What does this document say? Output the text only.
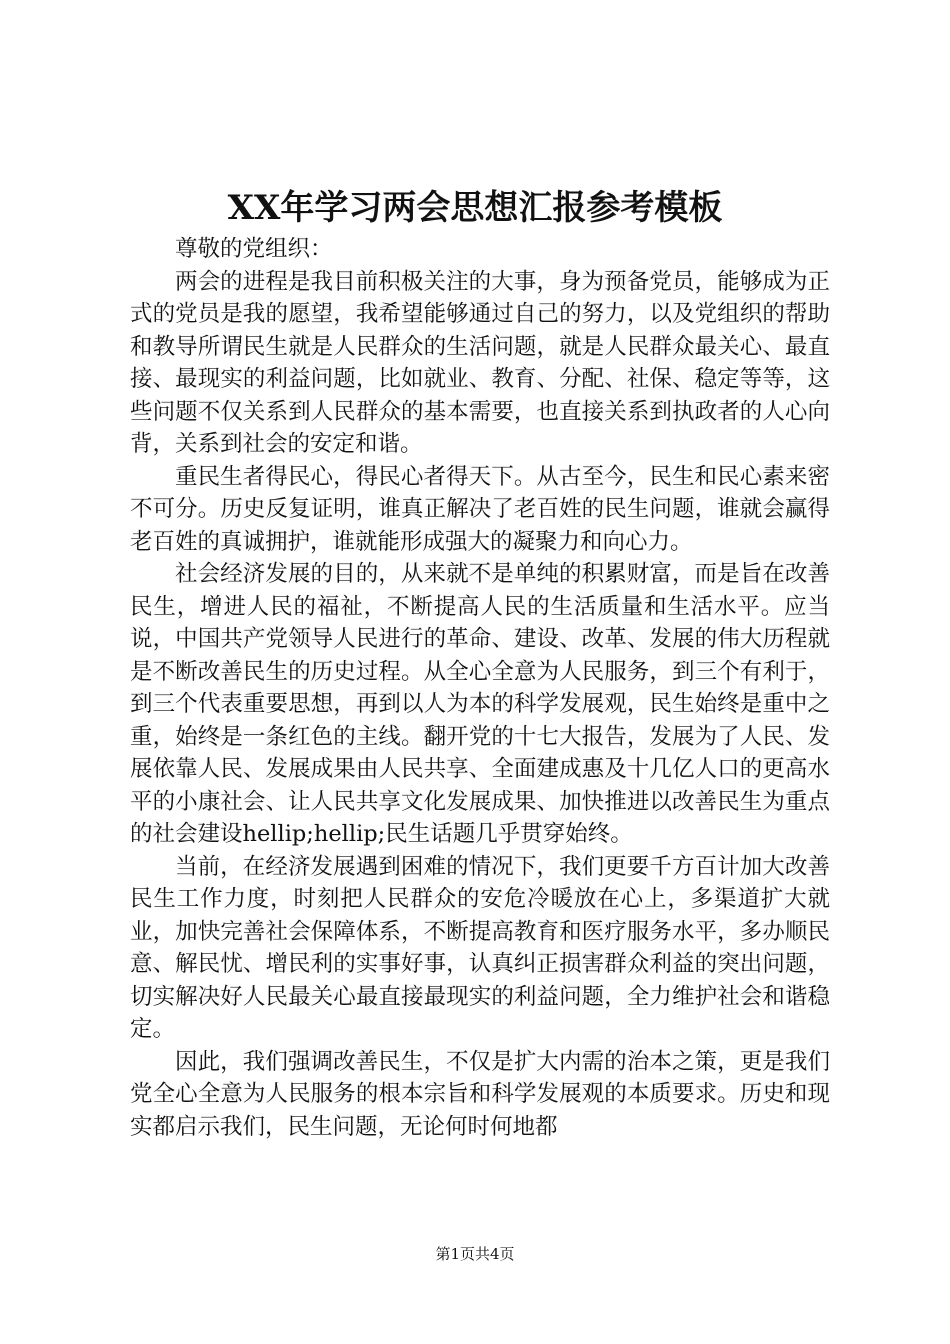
XX年学习两会思想汇报参考模板

尊敬的党组织：

两会的进程是我目前积极关注的大事，身为预备党员，能够成为正式的党员是我的愿望，我希望能够通过自己的努力，以及党组织的帮助和教导所谓民生就是人民群众的生活问题，就是人民群众最关心、最直接、最现实的利益问题，比如就业、教育、分配、社保、稳定等等，这些问题不仅关系到人民群众的基本需要，也直接关系到执政者的人心向背，关系到社会的安定和谐。

重民生者得民心，得民心者得天下。从古至今，民生和民心素来密不可分。历史反复证明，谁真正解决了老百姓的民生问题，谁就会赢得老百姓的真诚拥护，谁就能形成强大的凝聚力和向心力。

社会经济发展的目的，从来就不是单纯的积累财富，而是旨在改善民生，增进人民的福祉，不断提高人民的生活质量和生活水平。应当说，中国共产党领导人民进行的革命、建设、改革、发展的伟大历程就是不断改善民生的历史过程。从全心全意为人民服务，到三个有利于，到三个代表重要思想，再到以人为本的科学发展观，民生始终是重中之重，始终是一条红色的主线。翻开党的十七大报告，发展为了人民、发展依靠人民、发展成果由人民共享、全面建成惠及十几亿人口的更高水平的小康社会、让人民共享文化发展成果、加快推进以改善民生为重点的社会建设hellip;hellip;民生话题几乎贯穿始终。

当前，在经济发展遇到困难的情况下，我们更要千方百计加大改善民生工作力度，时刻把人民群众的安危冷暖放在心上，多渠道扩大就业，加快完善社会保障体系，不断提高教育和医疗服务水平，多办顺民意、解民忧、增民利的实事好事，认真纠正损害群众利益的突出问题，切实解决好人民最关心最直接最现实的利益问题，全力维护社会和谐稳定。

因此，我们强调改善民生，不仅是扩大内需的治本之策，更是我们党全心全意为人民服务的根本宗旨和科学发展观的本质要求。历史和现实都启示我们，民生问题，无论何时何地都

第1页共4页
